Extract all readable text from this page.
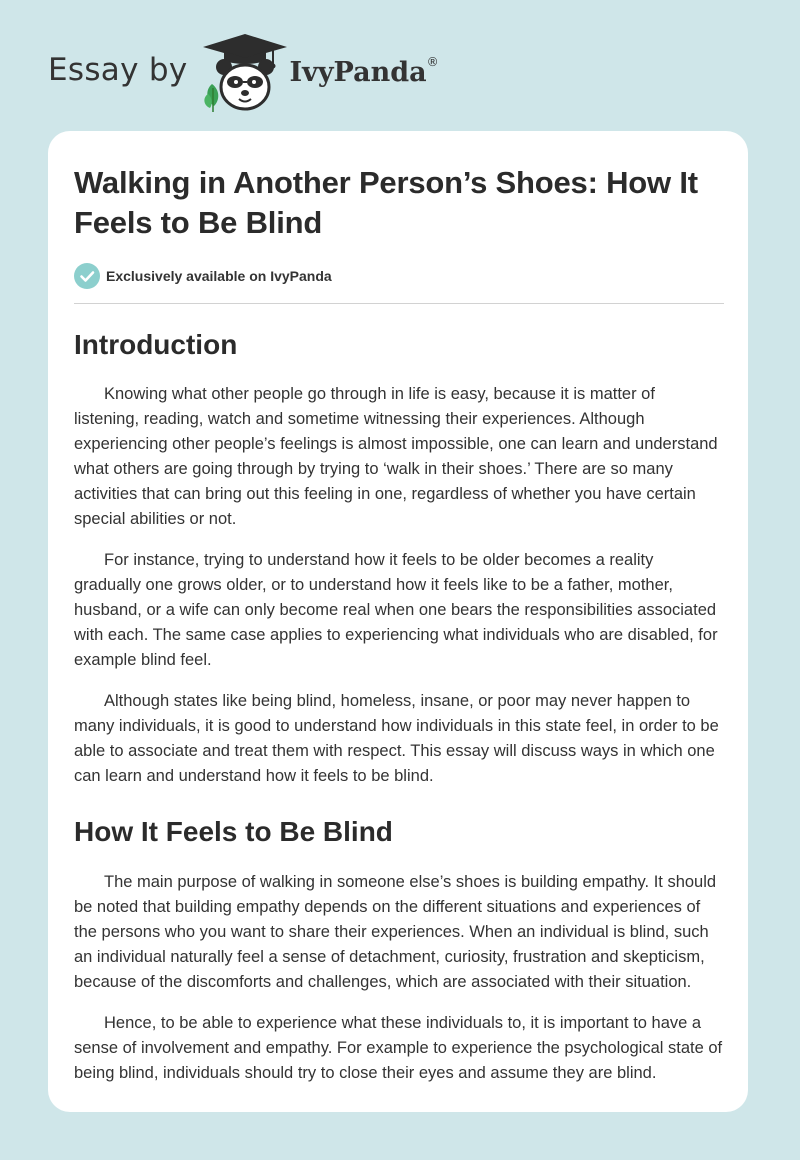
Essay by	IvyPanda ®
Walking in Another Person’s Shoes: How It Feels to Be Blind
Exclusively available on IvyPanda
Introduction

Knowing what other people go through in life is easy, because it is matter of listening, reading, watch and sometime witnessing their experiences. Although experiencing other people’s feelings is almost impossible, one can learn and understand what others are going through by trying to ‘walk in their shoes.’ There are so many activities that can bring out this feeling in one, regardless of whether you have certain special abilities or not.

For instance, trying to understand how it feels to be older becomes a reality gradually one grows older, or to understand how it feels like to be a father, mother, husband, or a wife can only become real when one bears the responsibilities associated with each. The same case applies to experiencing what individuals who are disabled, for example blind feel.

Although states like being blind, homeless, insane, or poor may never happen to many individuals, it is good to understand how individuals in this state feel, in order to be able to associate and treat them with respect. This essay will discuss ways in which one can learn and understand how it feels to be blind.

How It Feels to Be Blind

The main purpose of walking in someone else’s shoes is building empathy. It should be noted that building empathy depends on the different situations and experiences of the persons who you want to share their experiences. When an individual is blind, such an individual naturally feel a sense of detachment, curiosity, frustration and skepticism, because of the discomforts and challenges, which are associated with their situation.

Hence, to be able to experience what these individuals to, it is important to have a sense of involvement and empathy. For example to experience the psychological state of being blind, individuals should try to close their eyes and assume they are blind.
